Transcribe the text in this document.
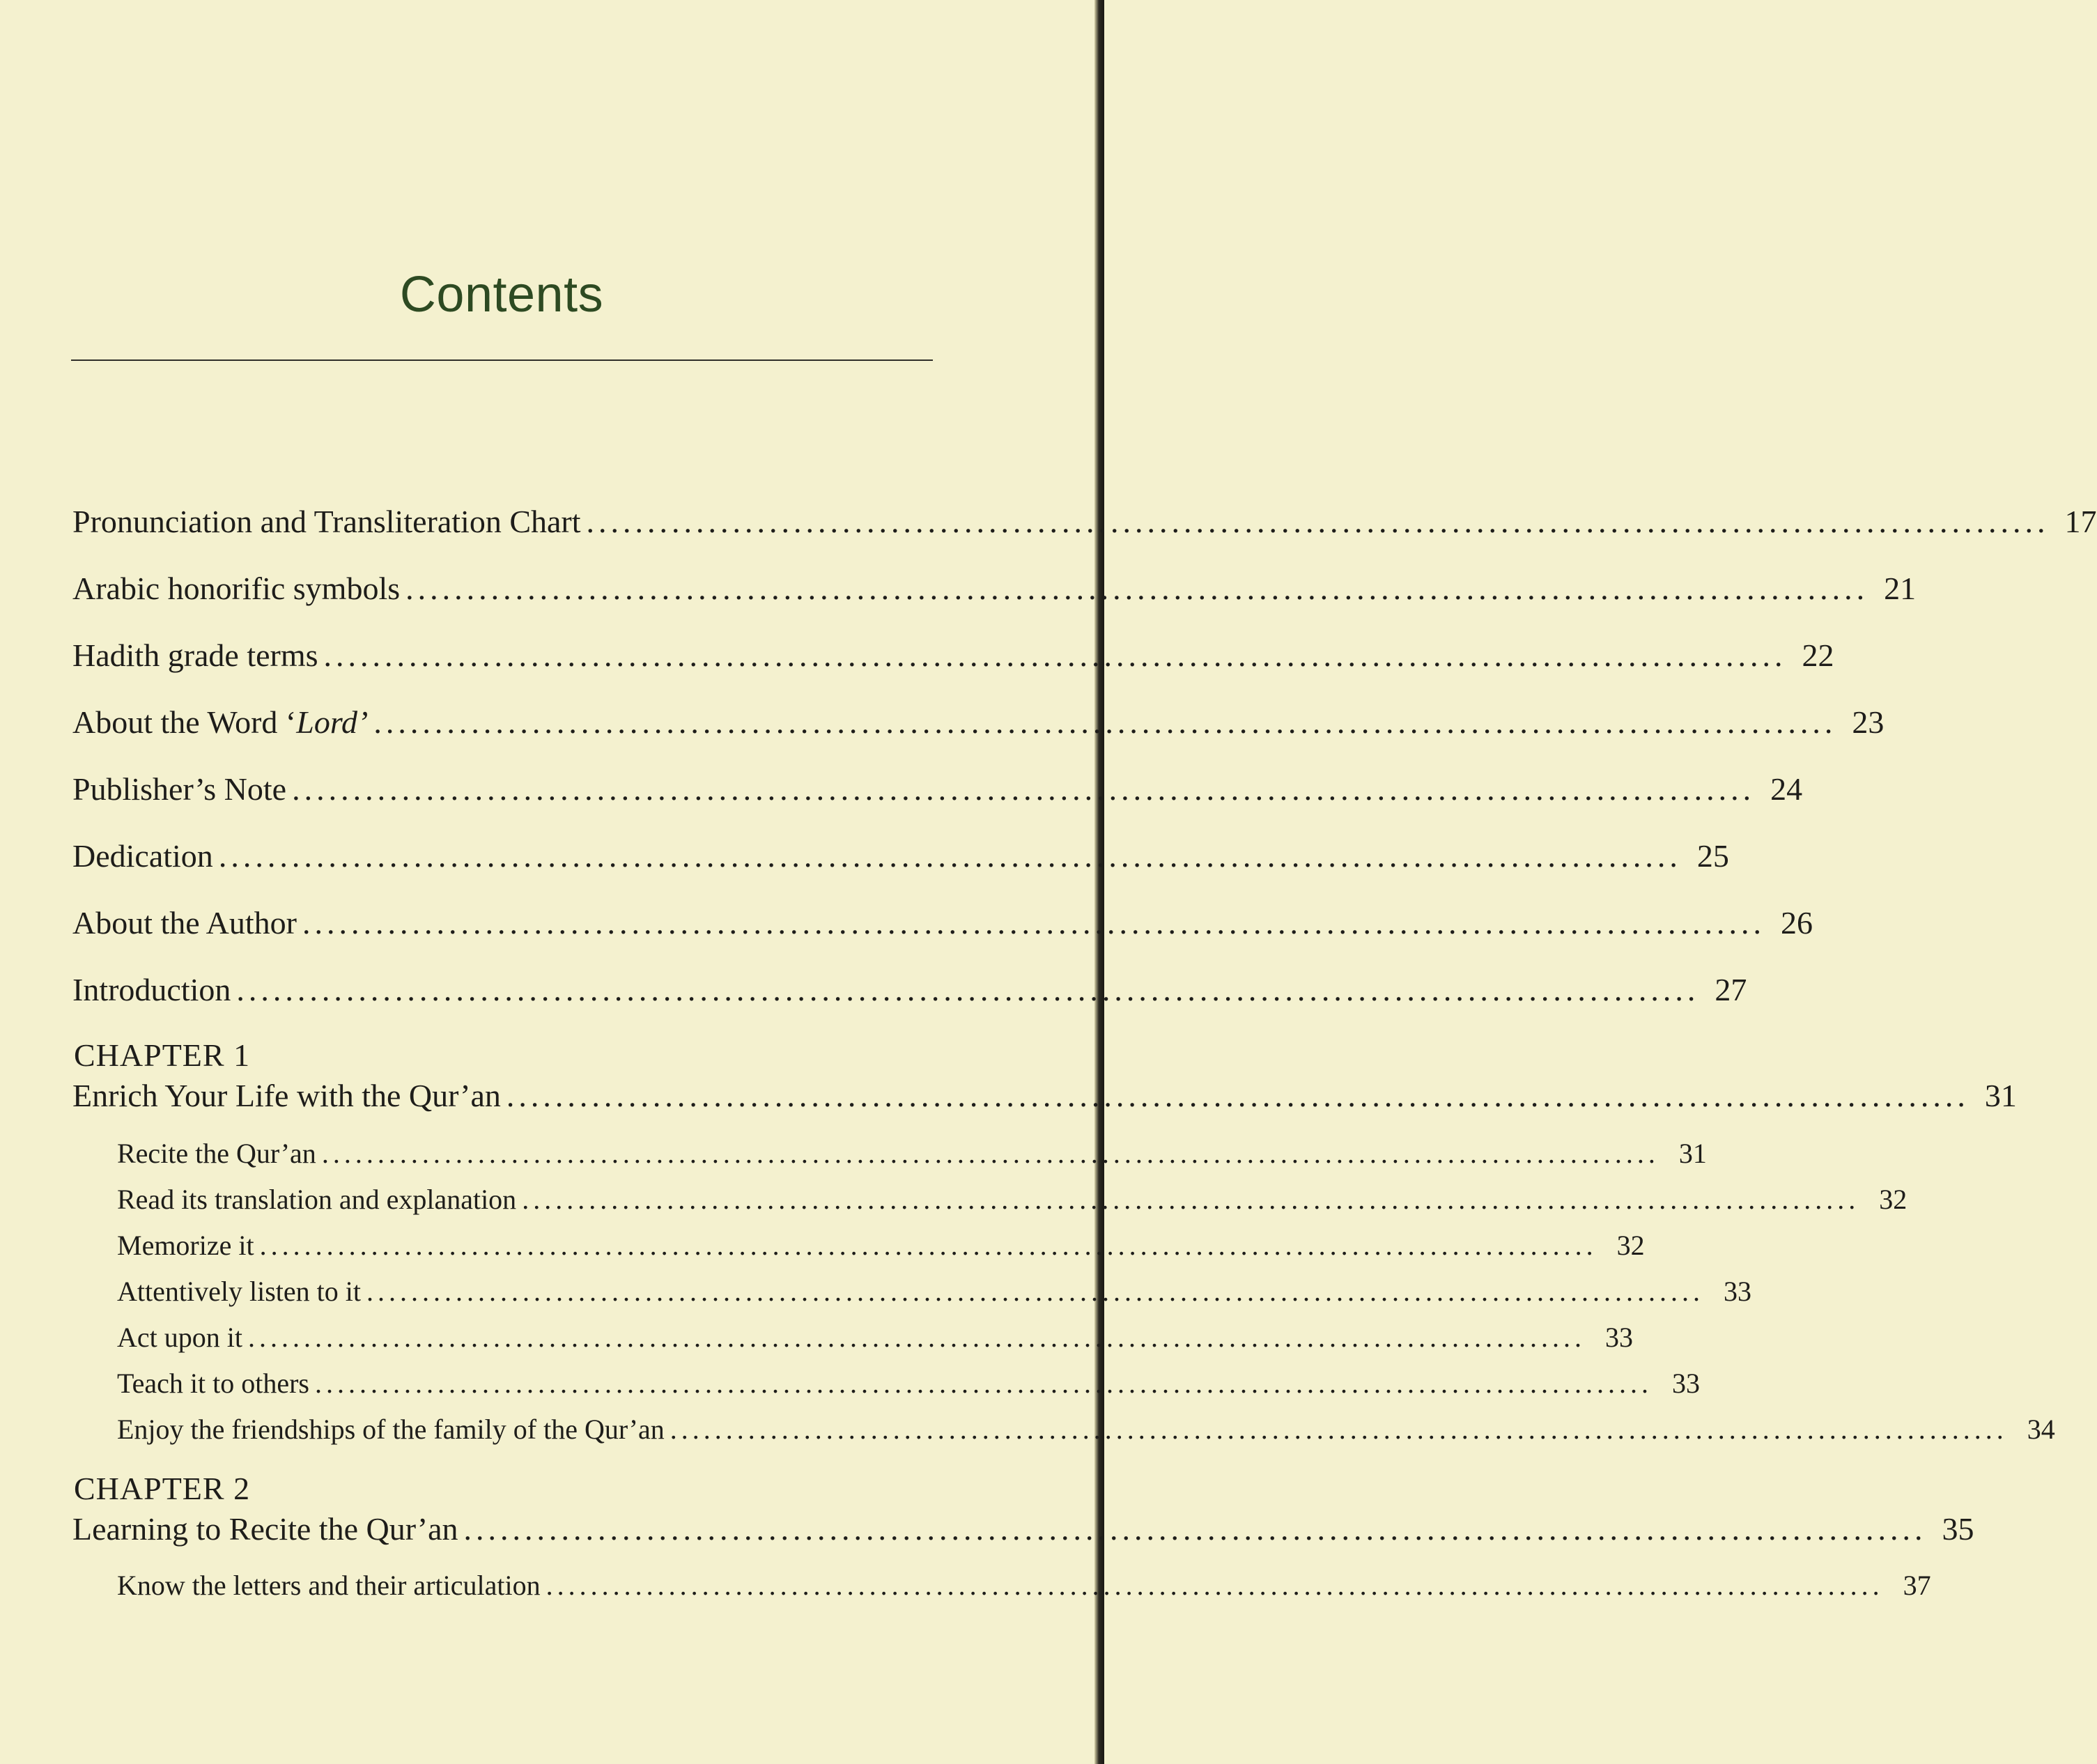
Contents
Pronunciation and Transliteration Chart ........................................................................................................................ 17
Arabic honorific symbols ........................................................................................................................ 21
Hadith grade terms ........................................................................................................................ 22
About the Word ‘Lord’ ........................................................................................................................ 23
Publisher’s Note ........................................................................................................................ 24
Dedication ........................................................................................................................ 25
About the Author ........................................................................................................................ 26
Introduction ........................................................................................................................ 27
CHAPTER 1
Enrich Your Life with the Qur’an ........................................................................................................................ 31
Recite the Qur’an ........................................................................................................................ 31
Read its translation and explanation ........................................................................................................................ 32
Memorize it ........................................................................................................................ 32
Attentively listen to it ........................................................................................................................ 33
Act upon it ........................................................................................................................ 33
Teach it to others ........................................................................................................................ 33
Enjoy the friendships of the family of the Qur’an ........................................................................................................................ 34
CHAPTER 2
Learning to Recite the Qur’an ........................................................................................................................ 35
Know the letters and their articulation ........................................................................................................................ 37
